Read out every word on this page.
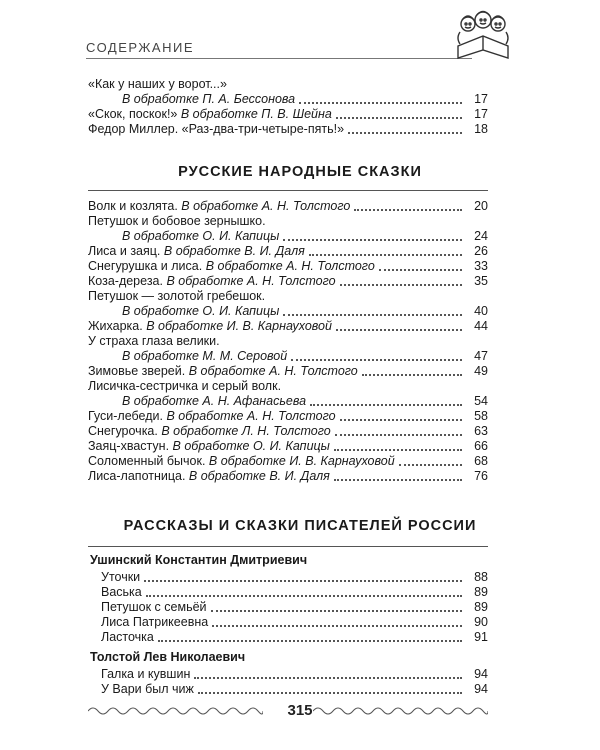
СОДЕРЖАНИЕ
«Как у наших у ворот...»
В обработке П. А. Бессонова	17
«Скок, поскок!» В обработке П. В. Шейна	17
Федор Миллер. «Раз-два-три-четыре-пять!»	18
РУССКИЕ НАРОДНЫЕ СКАЗКИ
Волк и козлята. В обработке А. Н. Толстого	20
Петушок и бобовое зернышко.
В обработке О. И. Капицы	24
Лиса и заяц. В обработке В. И. Даля	26
Снегурушка и лиса. В обработке А. Н. Толстого	33
Коза-дереза. В обработке А. Н. Толстого	35
Петушок — золотой гребешок.
В обработке О. И. Капицы	40
Жихарка. В обработке И. В. Карнауховой	44
У страха глаза велики.
В обработке М. М. Серовой	47
Зимовье зверей. В обработке А. Н. Толстого	49
Лисичка-сестричка и серый волк.
В обработке А. Н. Афанасьева	54
Гуси-лебеди. В обработке А. Н. Толстого	58
Снегурочка. В обработке Л. Н. Толстого	63
Заяц-хвастун. В обработке О. И. Капицы	66
Соломенный бычок. В обработке И. В. Карнауховой	68
Лиса-лапотница. В обработке В. И. Даля	76
РАССКАЗЫ И СКАЗКИ ПИСАТЕЛЕЙ РОССИИ
Ушинский Константин Дмитриевич
Уточки	88
Васька	89
Петушок с семьёй	89
Лиса Патрикеевна	90
Ласточка	91
Толстой Лев Николаевич
Галка и кувшин	94
У Вари был чиж	94
315
